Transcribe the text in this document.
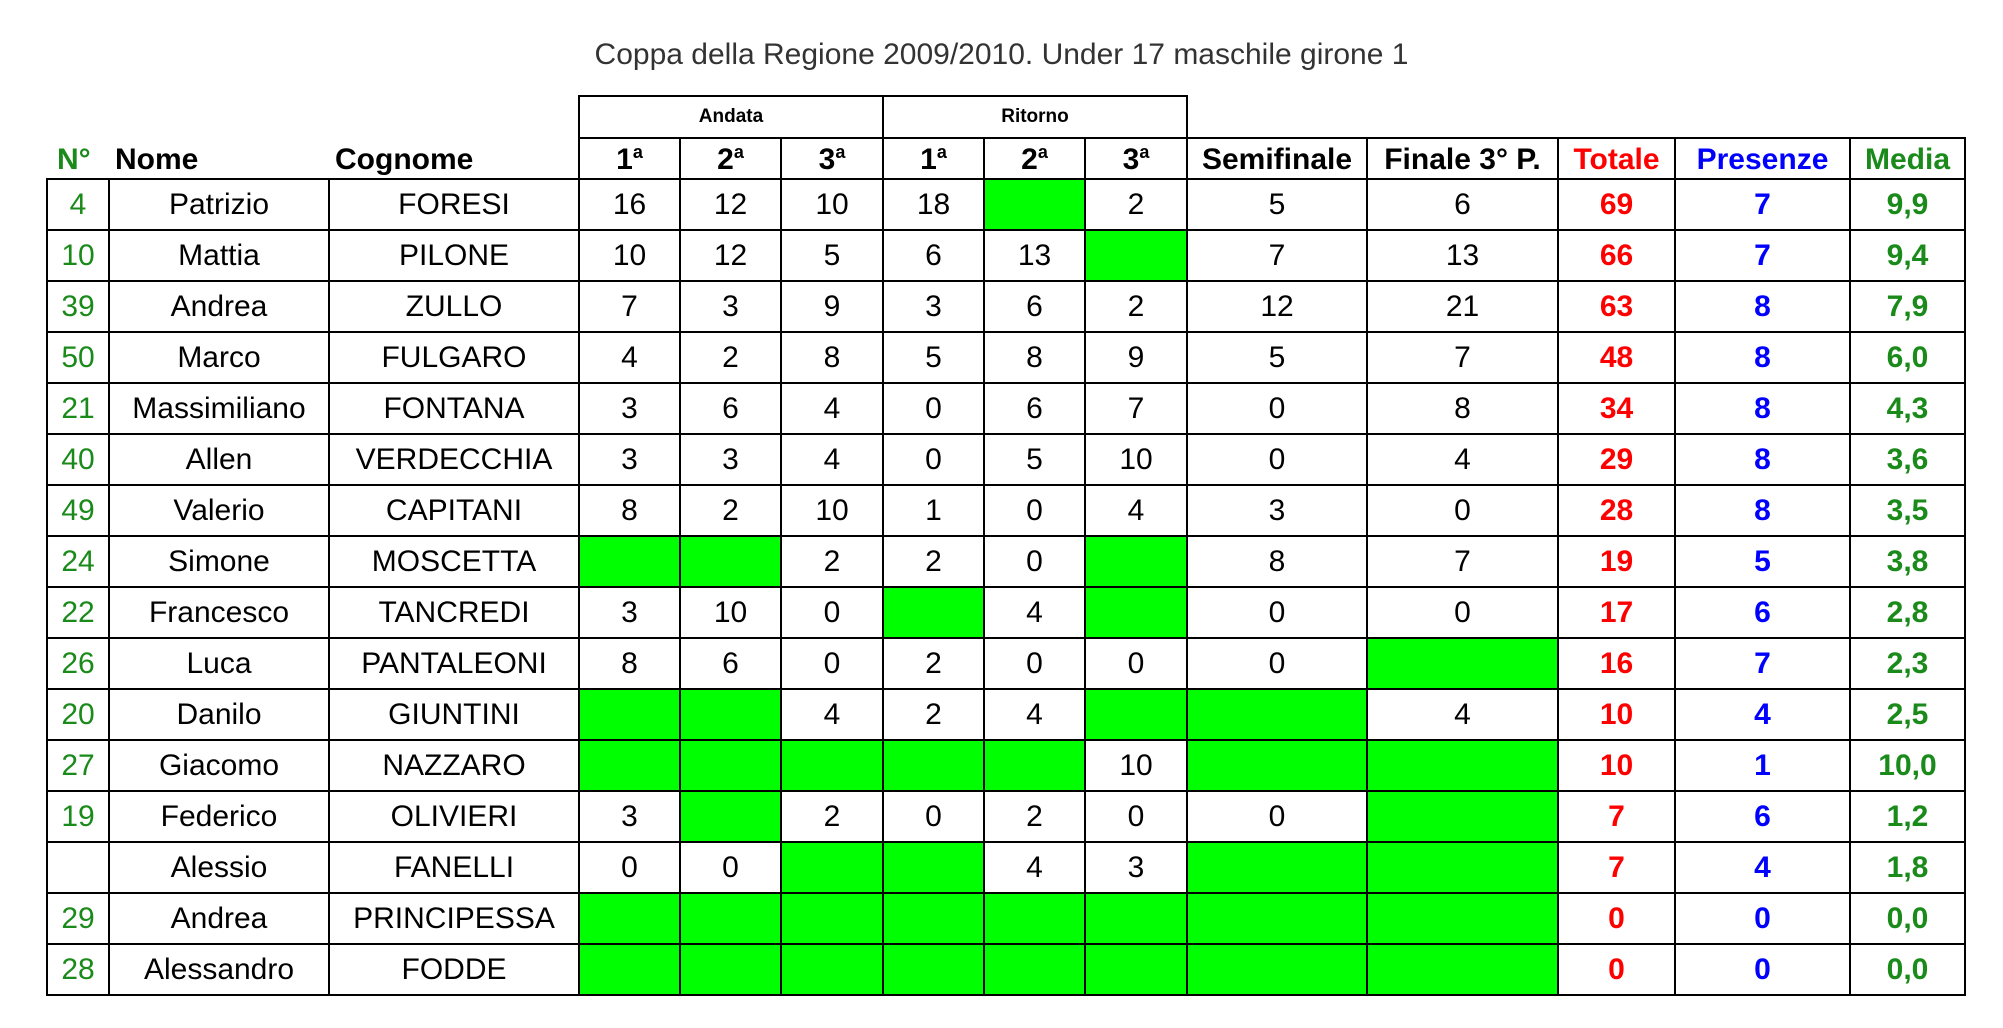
Coppa della Regione 2009/2010. Under 17 maschile girone 1
			Andata			Ritorno							
N°	Nome	Cognome	1$^a$	2$^a$	3$^a$	1$^a$	2$^a$	3$^a$	Semifinale	Finale 3° P.	Totale	Presenze	Media
4	Patrizio	FORESI	16	12	10	18		2	5	6	69	7	9,9
10	Mattia	PILONE	10	12	5	6	13		7	13	66	7	9,4
39	Andrea	ZULLO	7	3	9	3	6	2	12	21	63	8	7,9
50	Marco	FULGARO	4	2	8	5	8	9	5	7	48	8	6,0
21	Massimiliano	FONTANA	3	6	4	0	6	7	0	8	34	8	4,3
40	Allen	VERDECCHIA	3	3	4	0	5	10	0	4	29	8	3,6
49	Valerio	CAPITANI	8	2	10	1	0	4	3	0	28	8	3,5
24	Simone	MOSCETTA			2	2	0		8	7	19	5	3,8
22	Francesco	TANCREDI	3	10	0		4		0	0	17	6	2,8
26	Luca	PANTALEONI	8	6	0	2	0	0	0		16	7	2,3
20	Danilo	GIUNTINI			4	2	4			4	10	4	2,5
27	Giacomo	NAZZARO						10			10	1	10,0
19	Federico	OLIVIERI	3		2	0	2	0	0		7	6	1,2
	Alessio	FANELLI	0	0			4	3			7	4	1,8
29	Andrea	PRINCIPESSA									0	0	0,0
28	Alessandro	FODDE									0	0	0,0
